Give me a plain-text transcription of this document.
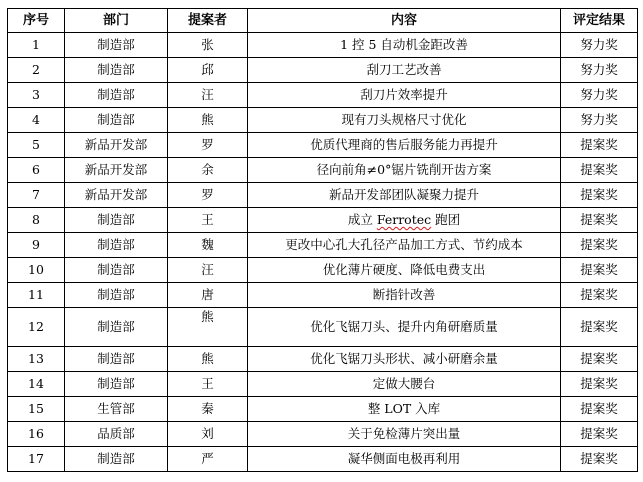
序号	部门	提案者	内容	评定结果
1	制造部	张	1 控 5 自动机金距改善	努力奖
2	制造部	邱	刮刀工艺改善	努力奖
3	制造部	汪	刮刀片效率提升	努力奖
4	制造部	熊	现有刀头规格尺寸优化	努力奖
5	新品开发部	罗	优质代理商的售后服务能力再提升	提案奖
6	新品开发部	余	径向前角≠0°锯片铣削开齿方案	提案奖
7	新品开发部	罗	新品开发部团队凝聚力提升	提案奖
8	制造部	王	成立 Ferrotec 跑团	提案奖
9	制造部	魏	更改中心孔大孔径产品加工方式、节约成本	提案奖
10	制造部	汪	优化薄片硬度、降低电费支出	提案奖
11	制造部	唐	断指针改善	提案奖
12	制造部	熊	优化飞锯刀头、提升内角研磨质量	提案奖
13	制造部	熊	优化飞锯刀头形状、减小研磨余量	提案奖
14	制造部	王	定做大腰台	提案奖
15	生管部	秦	整 LOT 入库	提案奖
16	品质部	刘	关于免检薄片突出量	提案奖
17	制造部	严	凝华侧面电极再利用	提案奖
